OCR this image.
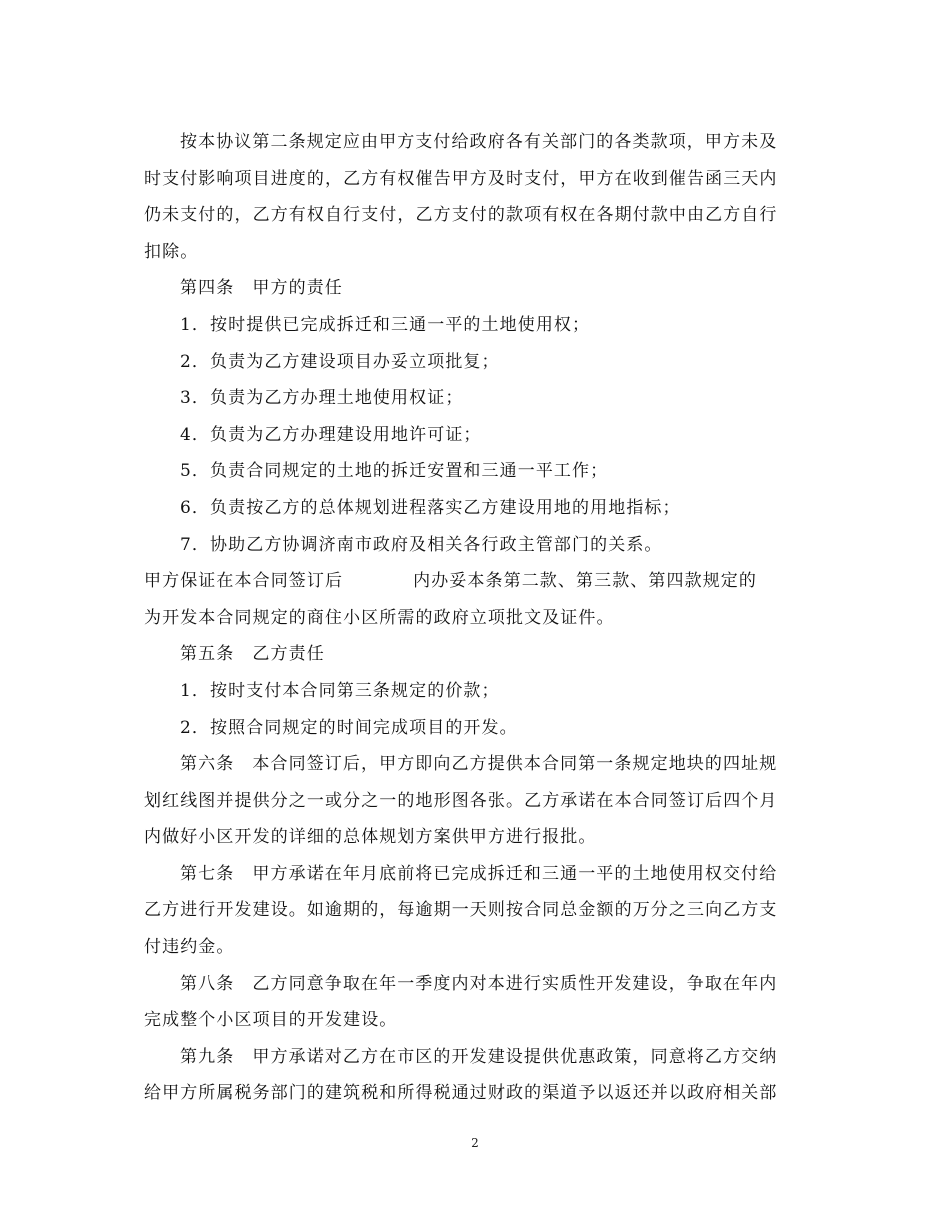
按本协议第二条规定应由甲方支付给政府各有关部门的各类款项，甲方未及
时支付影响项目进度的，乙方有权催告甲方及时支付，甲方在收到催告函三天内
仍未支付的，乙方有权自行支付，乙方支付的款项有权在各期付款中由乙方自行
扣除。

第四条　甲方的责任

1．按时提供已完成拆迁和三通一平的土地使用权；

2．负责为乙方建设项目办妥立项批复；

3．负责为乙方办理土地使用权证；

4．负责为乙方办理建设用地许可证；

5．负责合同规定的土地的拆迁安置和三通一平工作；

6．负责按乙方的总体规划进程落实乙方建设用地的用地指标；

7．协助乙方协调济南市政府及相关各行政主管部门的关系。

甲方保证在本合同签订后	内办妥本条第二款、第三款、第四款规定的
为开发本合同规定的商住小区所需的政府立项批文及证件。

第五条　乙方责任

1．按时支付本合同第三条规定的价款；

2．按照合同规定的时间完成项目的开发。

第六条　本合同签订后，甲方即向乙方提供本合同第一条规定地块的四址规
划红线图并提供分之一或分之一的地形图各张。乙方承诺在本合同签订后四个月
内做好小区开发的详细的总体规划方案供甲方进行报批。

第七条　甲方承诺在年月底前将已完成拆迁和三通一平的土地使用权交付给
乙方进行开发建设。如逾期的，每逾期一天则按合同总金额的万分之三向乙方支
付违约金。

第八条　乙方同意争取在年一季度内对本进行实质性开发建设，争取在年内
完成整个小区项目的开发建设。

第九条　甲方承诺对乙方在市区的开发建设提供优惠政策，同意将乙方交纳
给甲方所属税务部门的建筑税和所得税通过财政的渠道予以返还并以政府相关部

2
